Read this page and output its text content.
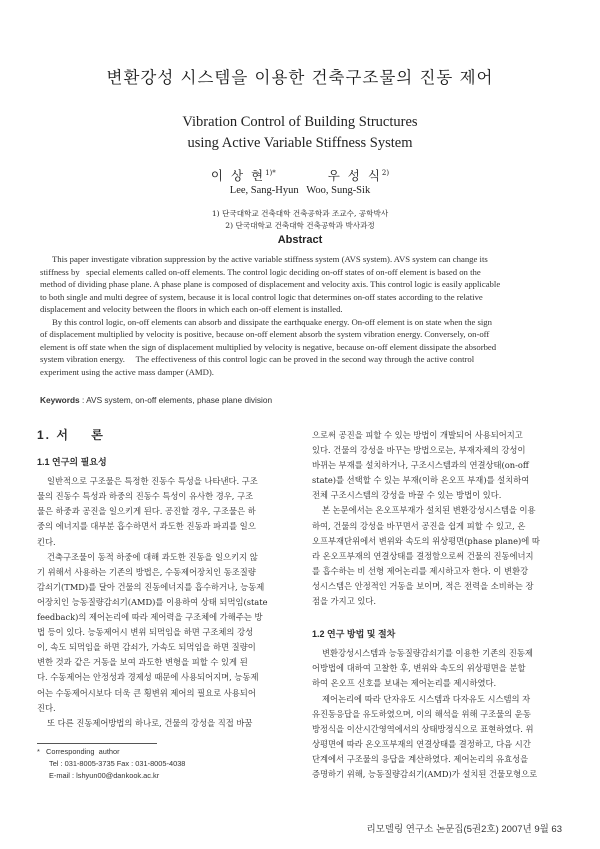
변환강성 시스템을 이용한 건축구조물의 진동 제어
Vibration Control of Building Structures
using Active Variable Stiffness System
이 상 현$^{1)*}$	우 성 식$^{2)}$
Lee, Sang-Hyun   Woo, Sung-Sik
1) 단국대학교 건축대학 건축공학과 조교수, 공학박사
2) 단국대학교 건축대학 건축공학과 박사과정
Abstract
This paper investigate vibration suppression by the active variable stiffness system (AVS system). AVS system can change its
stiffness by   special elements called on-off elements. The control logic deciding on-off states of on-off element is based on the
method of dividing phase plane. A phase plane is composed of displacement and velocity axis. This control logic is easily applicable
to both single and multi degree of system, because it is local control logic that determines on-off states according to the relative
displacement and velocity between the floors in which each on-off element is installed.
By this control logic, on-off elements can absorb and dissipate the earthquake energy. On-off element is on state when the sign
of displacement multiplied by velocity is positive, because on-off element absorb the system vibration energy. Conversely, on-off
element is off state when the sign of displacement multiplied by velocity is negative, because on-off element dissipate the absorbed
system vibration energy.     The effectiveness of this control logic can be proved in the second way through the active control
experiment using the active mass damper (AMD).
Keywords : AVS system, on-off elements, phase plane division
1. 서    론
1.1 연구의 필요성
일반적으로 구조물은 특정한 진동수 특성을 나타낸다. 구조
물의 진동수 특성과 하중의 진동수 특성이 유사한 경우, 구조
물은 하중과 공진을 일으키게 된다. 공진할 경우, 구조물은 하
중의 에너지를 대부분 흡수하면서 과도한 진동과 파괴를 일으
킨다.
건축구조물이 동적 하중에 대해 과도한 진동을 일으키지 않
기 위해서 사용하는 기존의 방법은, 수동제어장치인 동조질량
감쇠기(TMD)를 달아 건물의 진동에너지를 흡수하거나, 능동제
어장치인 능동질량감쇠기(AMD)를 이용하여 상태 되먹임(state
feedback)의 제어논리에 따라 제어력을 구조체에 가해주는 방
법 등이 있다. 능동제어시 변위 되먹임을 하면 구조체의 강성
이, 속도 되먹임을 하면 감쇠가, 가속도 되먹임을 하면 질량이
변한 것과 같은 거동을 보여 과도한 변형을 피할 수 있게 된
다. 수동제어는 안정성과 경제성 때문에 사용되어지며, 능동제
어는 수동제어시보다 더욱 큰 횡변위 제어의 필요로 사용되어
진다.
또 다른 진동제어방법의 하나로, 건물의 강성을 직접 바꿈
으로써 공진을 피할 수 있는 방법이 개발되어 사용되어지고
있다. 건물의 강성을 바꾸는 방법으로는, 부재자체의 강성이
바뀌는 부재를 설치하거나, 구조시스템과의 연결상태(on-off
state)를 선택할 수 있는 부재(이하 온오프 부재)를 설치하여
전체 구조시스템의 강성을 바꿀 수 있는 방법이 있다.
본 논문에서는 온오프부재가 설치된 변환강성시스템을 이용
하여, 건물의 강성을 바꾸면서 공진을 쉽게 피할 수 있고, 온
오프부재단위에서 변위와 속도의 위상평면(phase plane)에 따
라 온오프부재의 연결상태를 결정함으로써 건물의 진동에너지
를 흡수하는 비 선형 제어논리를 제시하고자 한다. 이 변환강
성시스템은 안정적인 거동을 보이며, 적은 전력을 소비하는 장
점을 가지고 있다.
1.2 연구 방법 및 절차
변환강성시스템과 능동질량감쇠기를 이용한 기존의 진동제
어방법에 대하여 고찰한 후, 변위와 속도의 위상평면을 분할
하여 온오프 신호를 보내는 제어논리를 제시하였다.
제어논리에 따라 단자유도 시스템과 다자유도 시스템의 자
유진동응답을 유도하였으며, 이의 해석을 위해 구조물의 운동
방정식을 이산시간영역에서의 상태방정식으로 표현하였다. 위
상평면에 따라 온오프부재의 연결상태를 결정하고, 다음 시간
단계에서 구조물의 응답을 계산하였다. 제어논리의 유효성을
증명하기 위해, 능동질량감쇠기(AMD)가 설치된 건물모형으로
*   Corresponding  author
Tel : 031-8005-3735 Fax : 031-8005-4038
E-mail : lshyun00@dankook.ac.kr
리모델링 연구소 논문집(5권2호) 2007년 9월 63
